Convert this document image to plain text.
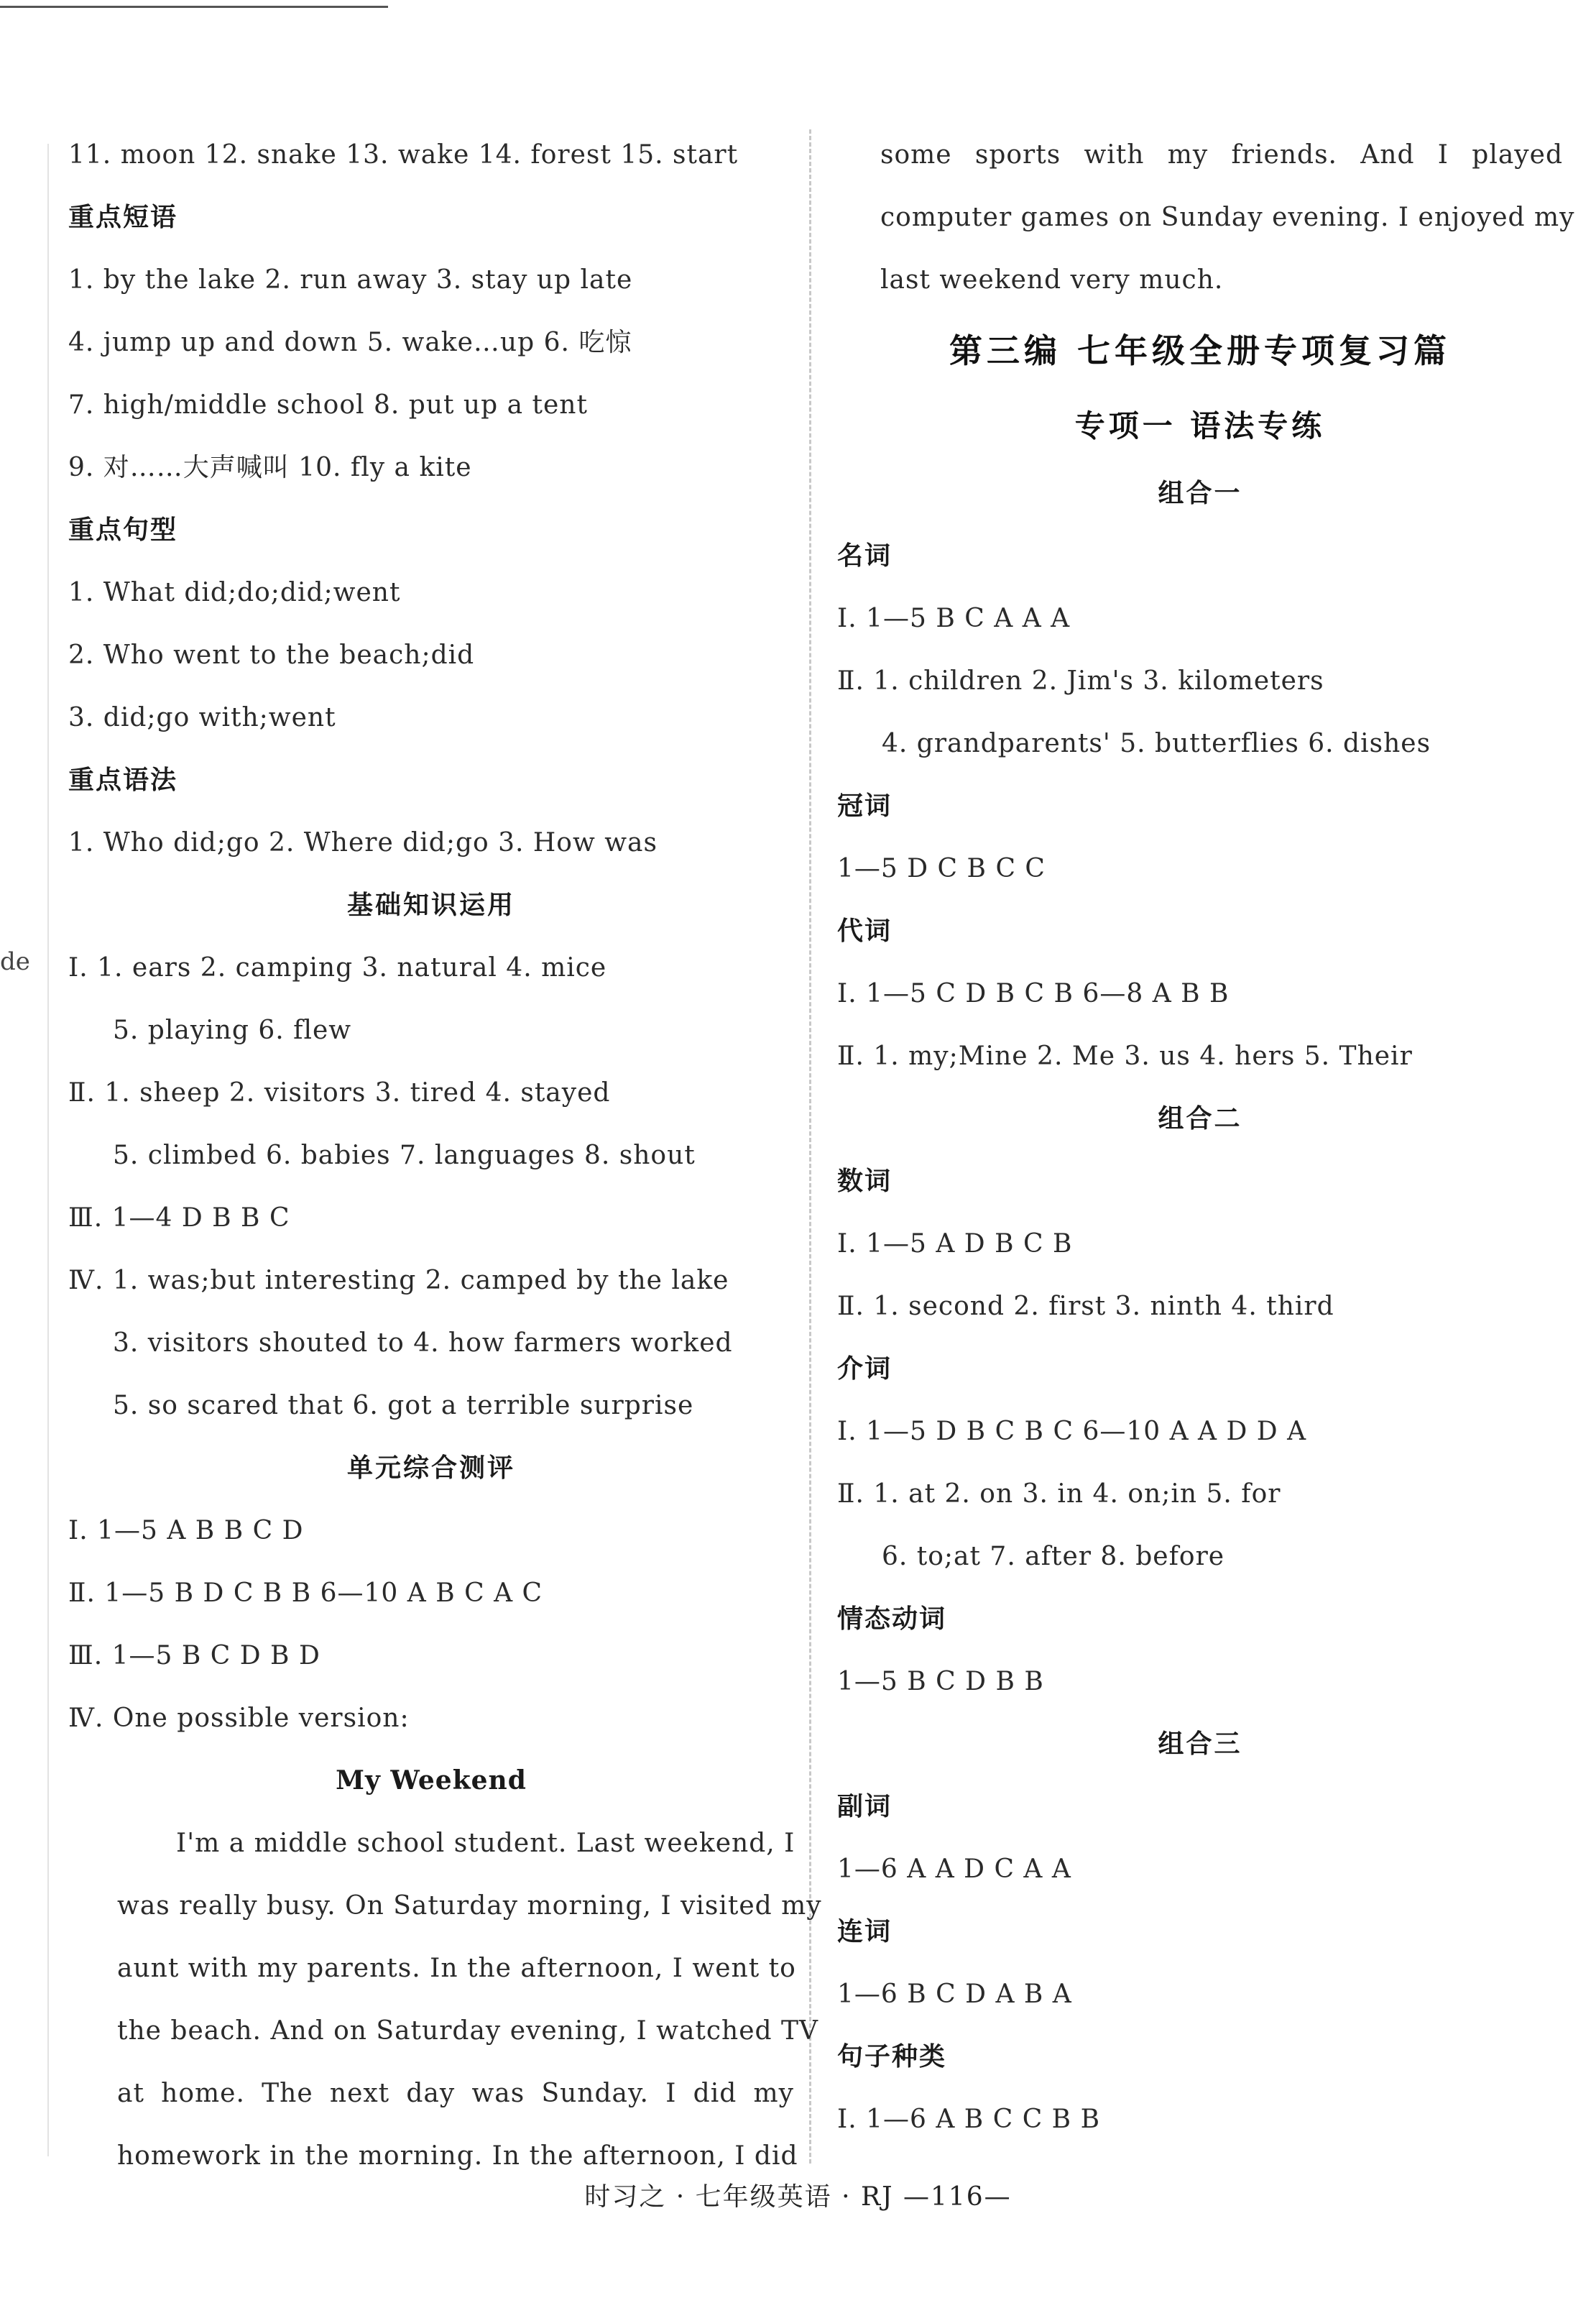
de
11. moon 12. snake 13. wake 14. forest 15. start
重点短语
1. by the lake 2. run away 3. stay up late
4. jump up and down 5. wake…up 6. 吃惊
7. high/middle school 8. put up a tent
9. 对……大声喊叫 10. fly a kite
重点句型
1. What did;do;did;went
2. Who went to the beach;did
3. did;go with;went
重点语法
1. Who did;go 2. Where did;go 3. How was
基础知识运用
Ⅰ. 1. ears 2. camping 3. natural 4. mice
5. playing 6. flew
Ⅱ. 1. sheep 2. visitors 3. tired 4. stayed
5. climbed 6. babies 7. languages 8. shout
Ⅲ. 1—4 D B B C
Ⅳ. 1. was;but interesting 2. camped by the lake
3. visitors shouted to 4. how farmers worked
5. so scared that 6. got a terrible surprise
单元综合测评
Ⅰ. 1—5 A B B C D
Ⅱ. 1—5 B D C B B 6—10 A B C A C
Ⅲ. 1—5 B C D B D
Ⅳ. One possible version:
My Weekend
I'm a middle school student. Last weekend, I
was really busy. On Saturday morning, I visited my
aunt with my parents. In the afternoon, I went to
the beach. And on Saturday evening, I watched TV
at home. The next day was Sunday. I did my
homework in the morning. In the afternoon, I did
some sports with my friends. And I played
computer games on Sunday evening. I enjoyed my
last weekend very much.
第三编 七年级全册专项复习篇
专项一 语法专练
组合一
名词
Ⅰ. 1—5 B C A A A
Ⅱ. 1. children 2. Jim's 3. kilometers
4. grandparents' 5. butterflies 6. dishes
冠词
1—5 D C B C C
代词
Ⅰ. 1—5 C D B C B 6—8 A B B
Ⅱ. 1. my;Mine 2. Me 3. us 4. hers 5. Their
组合二
数词
Ⅰ. 1—5 A D B C B
Ⅱ. 1. second 2. first 3. ninth 4. third
介词
Ⅰ. 1—5 D B C B C 6—10 A A D D A
Ⅱ. 1. at 2. on 3. in 4. on;in 5. for
6. to;at 7. after 8. before
情态动词
1—5 B C D B B
组合三
副词
1—6 A A D C A A
连词
1—6 B C D A B A
句子种类
Ⅰ. 1—6 A B C C B B
时习之 · 七年级英语 · RJ —116—
